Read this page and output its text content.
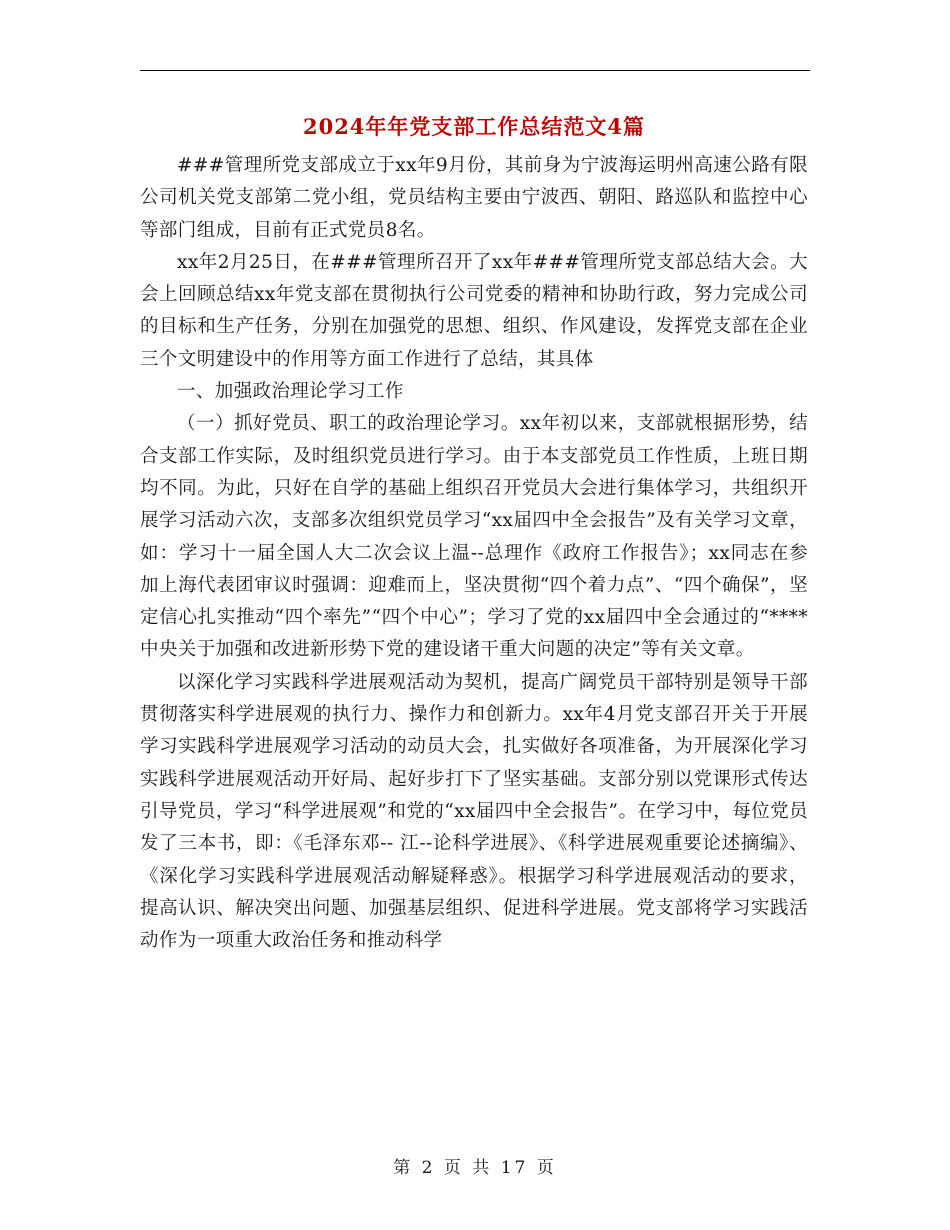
2024年年党支部工作总结范文4篇

###管理所党支部成立于xx年9月份，其前身为宁波海运明州高速公路有限公司机关党支部第二党小组，党员结构主要由宁波西、朝阳、路巡队和监控中心等部门组成，目前有正式党员8名。

xx年2月25日，在###管理所召开了xx年###管理所党支部总结大会。大会上回顾总结xx年党支部在贯彻执行公司党委的精神和协助行政，努力完成公司的目标和生产任务，分别在加强党的思想、组织、作风建设，发挥党支部在企业三个文明建设中的作用等方面工作进行了总结，其具体

一、加强政治理论学习工作

（一）抓好党员、职工的政治理论学习。xx年初以来，支部就根据形势，结合支部工作实际，及时组织党员进行学习。由于本支部党员工作性质，上班日期均不同。为此，只好在自学的基础上组织召开党员大会进行集体学习，共组织开展学习活动六次，支部多次组织党员学习“xx届四中全会报告”及有关学习文章，如：学习十一届全国人大二次会议上温--总理作《政府工作报告》；xx同志在参加上海代表团审议时强调：迎难而上，坚决贯彻“四个着力点”、“四个确保”，坚定信心扎实推动“四个率先”“四个中心”；学习了党的xx届四中全会通过的“****中央关于加强和改进新形势下党的建设诸干重大问题的决定”等有关文章。

以深化学习实践科学进展观活动为契机，提高广阔党员干部特别是领导干部贯彻落实科学进展观的执行力、操作力和创新力。xx年4月党支部召开关于开展学习实践科学进展观学习活动的动员大会，扎实做好各项准备，为开展深化学习实践科学进展观活动开好局、起好步打下了坚实基础。支部分别以党课形式传达引导党员，学习“科学进展观”和党的“xx届四中全会报告”。在学习中，每位党员发了三本书，即：《毛泽东邓-- 江--论科学进展》、《科学进展观重要论述摘编》、《深化学习实践科学进展观活动解疑释惑》。根据学习科学进展观活动的要求，提高认识、解决突出问题、加强基层组织、促进科学进展。党支部将学习实践活动作为一项重大政治任务和推动科学

第 2 页 共 17 页
